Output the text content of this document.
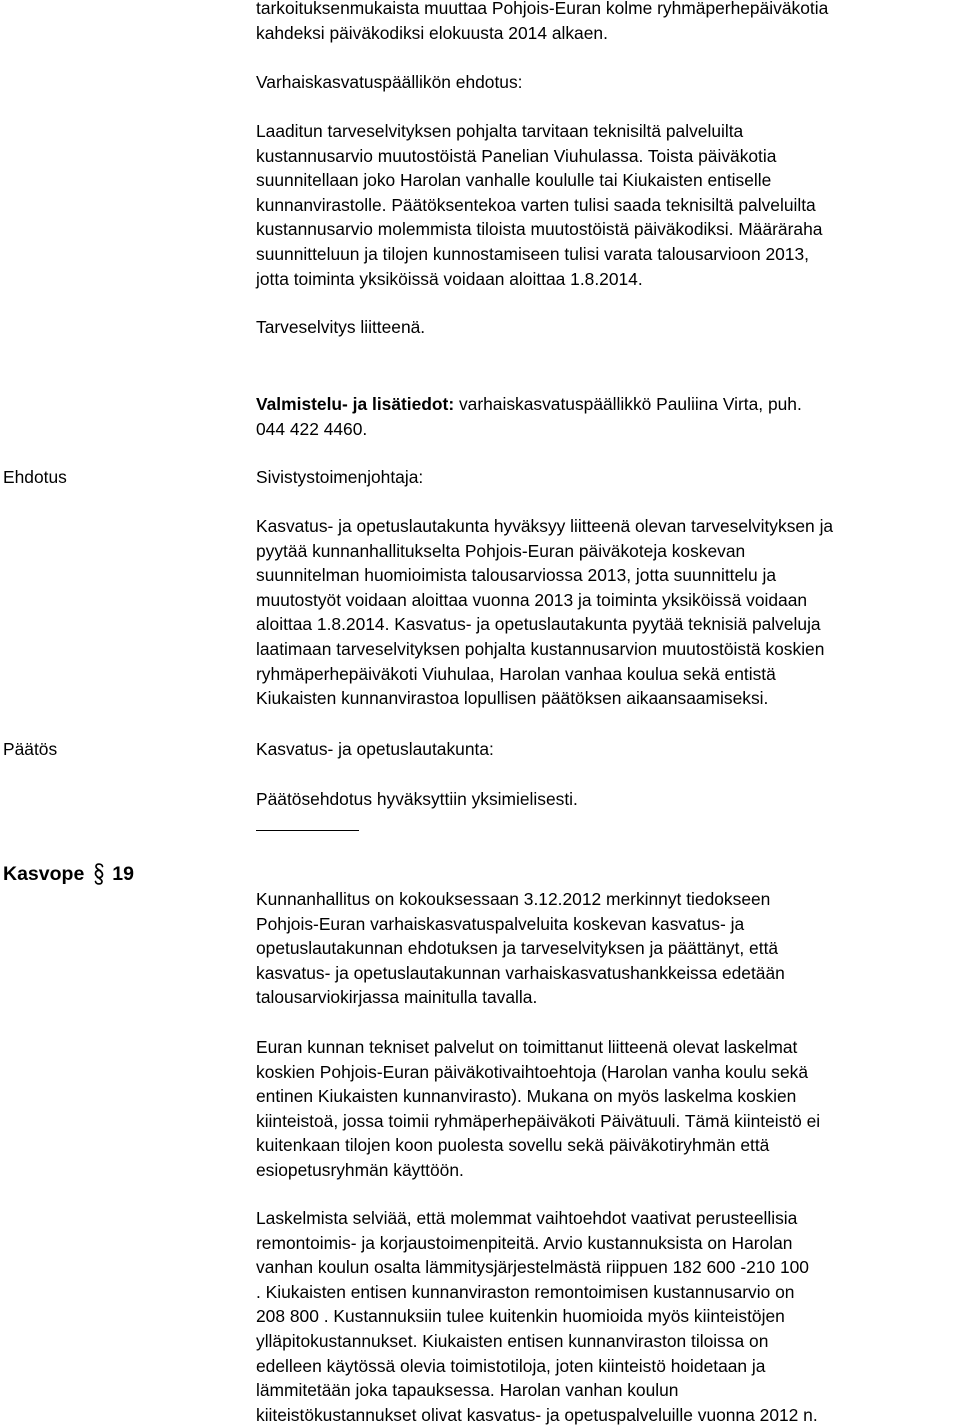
tarkoituksenmukaista muuttaa Pohjois-Euran kolme ryhmäperhepäiväkotia
kahdeksi päiväkodiksi elokuusta 2014 alkaen.
Varhaiskasvatuspäällikön ehdotus:
Laaditun tarveselvityksen pohjalta tarvitaan teknisiltä palveluilta
kustannusarvio muutostöistä Panelian Viuhulassa. Toista päiväkotia
suunnitellaan joko Harolan vanhalle koululle tai Kiukaisten entiselle
kunnanvirastolle. Päätöksentekoa varten tulisi saada teknisiltä palveluilta
kustannusarvio molemmista tiloista muutostöistä päiväkodiksi. Määräraha
suunnitteluun ja tilojen kunnostamiseen tulisi varata talousarvioon 2013,
jotta toiminta yksiköissä voidaan aloittaa 1.8.2014.
Tarveselvitys liitteenä.
Valmistelu- ja lisätiedot: varhaiskasvatuspäällikkö Pauliina Virta, puh.
044 422 4460.
Ehdotus	Sivistystoimenjohtaja:
Kasvatus- ja opetuslautakunta hyväksyy liitteenä olevan tarveselvityksen ja
pyytää kunnanhallitukselta Pohjois-Euran päiväkoteja koskevan
suunnitelman huomioimista talousarviossa 2013, jotta suunnittelu ja
muutostyöt voidaan aloittaa vuonna 2013 ja toiminta yksiköissä voidaan
aloittaa 1.8.2014. Kasvatus- ja opetuslautakunta pyytää teknisiä palveluja
laatimaan tarveselvityksen pohjalta kustannusarvion muutostöistä koskien
ryhmäperhepäiväkoti Viuhulaa, Harolan vanhaa koulua sekä entistä
Kiukaisten kunnanvirastoa lopullisen päätöksen aikaansaamiseksi.
Päätös	Kasvatus- ja opetuslautakunta:
Päätösehdotus hyväksyttiin yksimielisesti.
Kasvope 19
Kunnanhallitus on kokouksessaan 3.12.2012 merkinnyt tiedokseen
Pohjois-Euran varhaiskasvatuspalveluita koskevan kasvatus- ja
opetuslautakunnan ehdotuksen ja tarveselvityksen ja päättänyt, että
kasvatus- ja opetuslautakunnan varhaiskasvatushankkeissa edetään
talousarviokirjassa mainitulla tavalla.
Euran kunnan tekniset palvelut on toimittanut liitteenä olevat laskelmat
koskien Pohjois-Euran päiväkotivaihtoehtoja (Harolan vanha koulu sekä
entinen Kiukaisten kunnanvirasto). Mukana on myös laskelma koskien
kiinteistoä, jossa toimii ryhmäperhepäiväkoti Päivätuuli. Tämä kiinteistö ei
kuitenkaan tilojen koon puolesta sovellu sekä päiväkotiryhmän että
esiopetusryhmän käyttöön.
Laskelmista selviää, että molemmat vaihtoehdot vaativat perusteellisia
remontoimis- ja korjaustoimenpiteitä. Arvio kustannuksista on Harolan
vanhan koulun osalta lämmitysjärjestelmästä riippuen 182 600 -210 100
. Kiukaisten entisen kunnanviraston remontoimisen kustannusarvio on
208 800 . Kustannuksiin tulee kuitenkin huomioida myös kiinteistöjen
ylläpitokustannukset. Kiukaisten entisen kunnanviraston tiloissa on
edelleen käytössä olevia toimistotiloja, joten kiinteistö hoidetaan ja
lämmitetään joka tapauksessa. Harolan vanhan koulun
kiiteistökustannukset olivat kasvatus- ja opetuspalveluille vuonna 2012 n.
